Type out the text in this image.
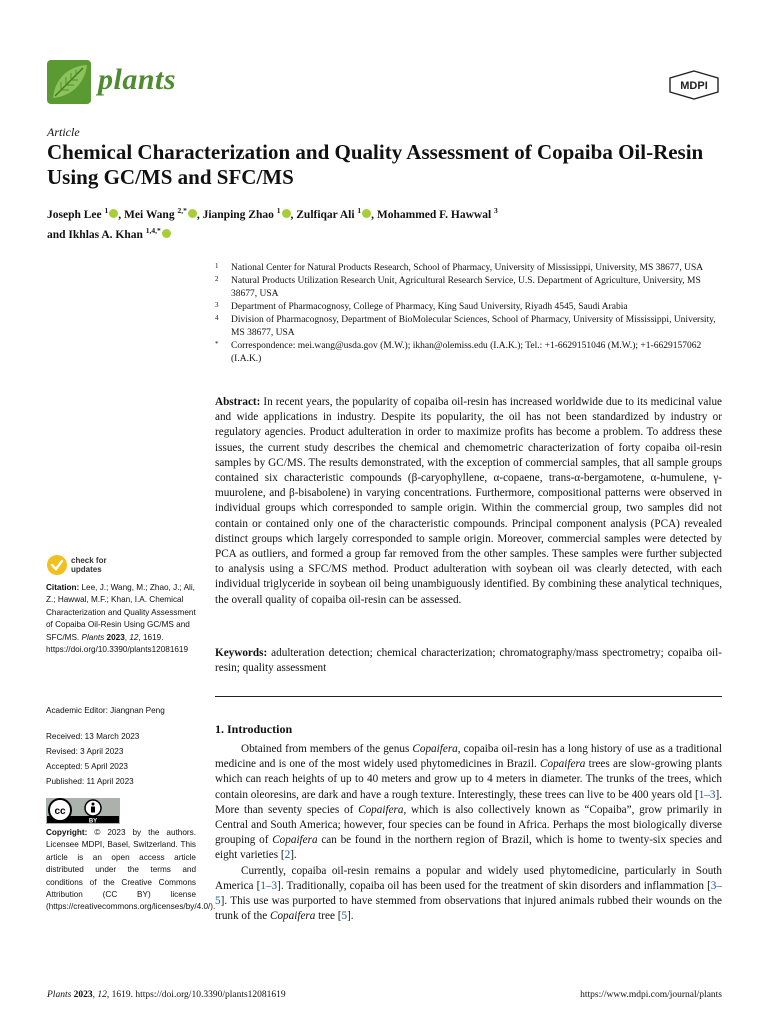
plants	MDPI
Article
Chemical Characterization and Quality Assessment of Copaiba Oil-Resin Using GC/MS and SFC/MS
Joseph Lee $^1$ , Mei Wang $^{2,*}$ , Jianping Zhao $^1$ , Zulfiqar Ali $^1$ , Mohammed F. Hawwal $^3$
and Ikhlas A. Khan $^{1,4,*}$
1 National Center for Natural Products Research, School of Pharmacy, University of Mississippi, University, MS 38677, USA
2 Natural Products Utilization Research Unit, Agricultural Research Service, U.S. Department of Agriculture, University, MS 38677, USA
3 Department of Pharmacognosy, College of Pharmacy, King Saud University, Riyadh 4545, Saudi Arabia
4 Division of Pharmacognosy, Department of BioMolecular Sciences, School of Pharmacy, University of Mississippi, University, MS 38677, USA
* Correspondence: mei.wang@usda.gov (M.W.); ikhan@olemiss.edu (I.A.K.); Tel.: +1-6629151046 (M.W.); +1-6629157062 (I.A.K.)
Abstract: In recent years, the popularity of copaiba oil-resin has increased worldwide due to its medicinal value and wide applications in industry. Despite its popularity, the oil has not been standardized by industry or regulatory agencies. Product adulteration in order to maximize profits has become a problem. To address these issues, the current study describes the chemical and chemometric characterization of forty copaiba oil-resin samples by GC/MS. The results demonstrated, with the exception of commercial samples, that all sample groups contained six characteristic compounds (β-caryophyllene, α-copaene, trans-α-bergamotene, α-humulene, γ-muurolene, and β-bisabolene) in varying concentrations. Furthermore, compositional patterns were observed in individual groups which corresponded to sample origin. Within the commercial group, two samples did not contain or contained only one of the characteristic compounds. Principal component analysis (PCA) revealed distinct groups which largely corresponded to sample origin. Moreover, commercial samples were detected by PCA as outliers, and formed a group far removed from the other samples. These samples were further subjected to analysis using a SFC/MS method. Product adulteration with soybean oil was clearly detected, with each individual triglyceride in soybean oil being unambiguously identified. By combining these analytical techniques, the overall quality of copaiba oil-resin can be assessed.
Keywords: adulteration detection; chemical characterization; chromatography/mass spectrometry; copaiba oil-resin; quality assessment
1. Introduction

Obtained from members of the genus Copaifera, copaiba oil-resin has a long history of use as a traditional medicine and is one of the most widely used phytomedicines in Brazil. Copaifera trees are slow-growing plants which can reach heights of up to 40 meters and grow up to 4 meters in diameter. The trunks of the trees, which contain oleoresins, are dark and have a rough texture. Interestingly, these trees can live to be 400 years old [1–3]. More than seventy species of Copaifera, which is also collectively known as “Copaiba”, grow primarily in Central and South America; however, four species can be found in Africa. Perhaps the most biologically diverse grouping of Copaifera can be found in the northern region of Brazil, which is home to twenty-six species and eight varieties [2].

Currently, copaiba oil-resin remains a popular and widely used phytomedicine, particularly in South America [1–3]. Traditionally, copaiba oil has been used for the treatment of skin disorders and inflammation [3–5]. This use was purported to have stemmed from observations that injured animals rubbed their wounds on the trunk of the Copaifera tree [5].

check for
updates
Citation: Lee, J.; Wang, M.; Zhao, J.; Ali, Z.; Hawwal, M.F.; Khan, I.A. Chemical Characterization and Quality Assessment of Copaiba Oil-Resin Using GC/MS and SFC/MS. Plants 2023, 12, 1619. https://doi.org/10.3390/plants12081619
Academic Editor: Jiangnan Peng
Received: 13 March 2023
Revised: 3 April 2023
Accepted: 5 April 2023
Published: 11 April 2023
cc
BY
Copyright: © 2023 by the authors. Licensee MDPI, Basel, Switzerland. This article is an open access article distributed under the terms and conditions of the Creative Commons Attribution (CC BY) license (https://creativecommons.org/licenses/by/4.0/).
Plants 2023, 12, 1619. https://doi.org/10.3390/plants12081619	https://www.mdpi.com/journal/plants
